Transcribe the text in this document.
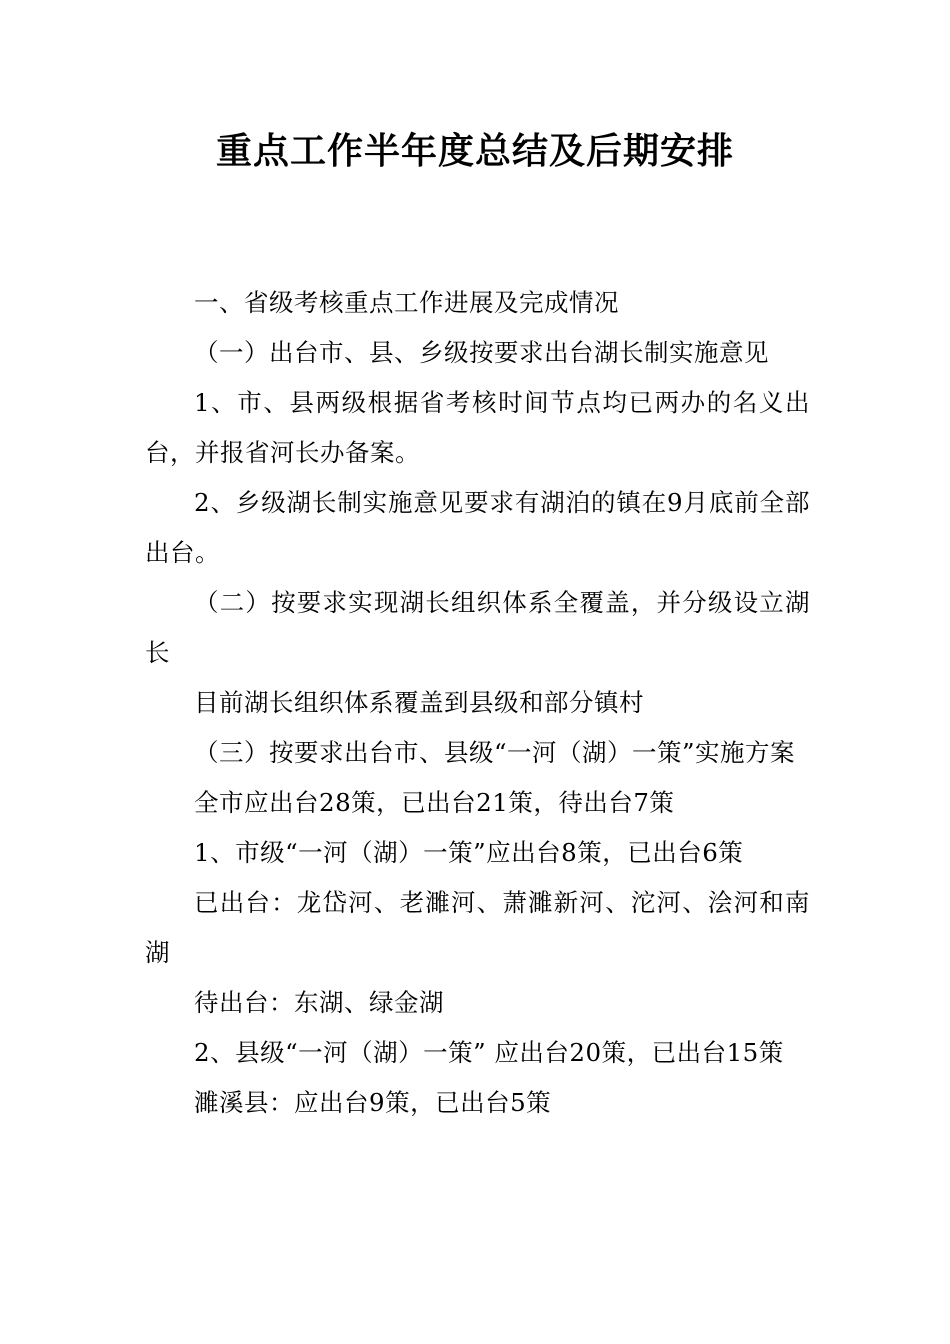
重点工作半年度总结及后期安排

一、省级考核重点工作进展及完成情况

（一）出台市、县、乡级按要求出台湖长制实施意见

1、市、县两级根据省考核时间节点均已两办的名义出台，并报省河长办备案。

2、乡级湖长制实施意见要求有湖泊的镇在9月底前全部出台。

（二）按要求实现湖长组织体系全覆盖，并分级设立湖长

目前湖长组织体系覆盖到县级和部分镇村

（三）按要求出台市、县级“一河（湖）一策”实施方案

全市应出台28策，已出台21策，待出台7策

1、市级“一河（湖）一策”应出台8策，已出台6策

已出台：龙岱河、老濉河、萧濉新河、沱河、浍河和南湖

待出台：东湖、绿金湖

2、县级“一河（湖）一策” 应出台20策，已出台15策

濉溪县：应出台9策，已出台5策
